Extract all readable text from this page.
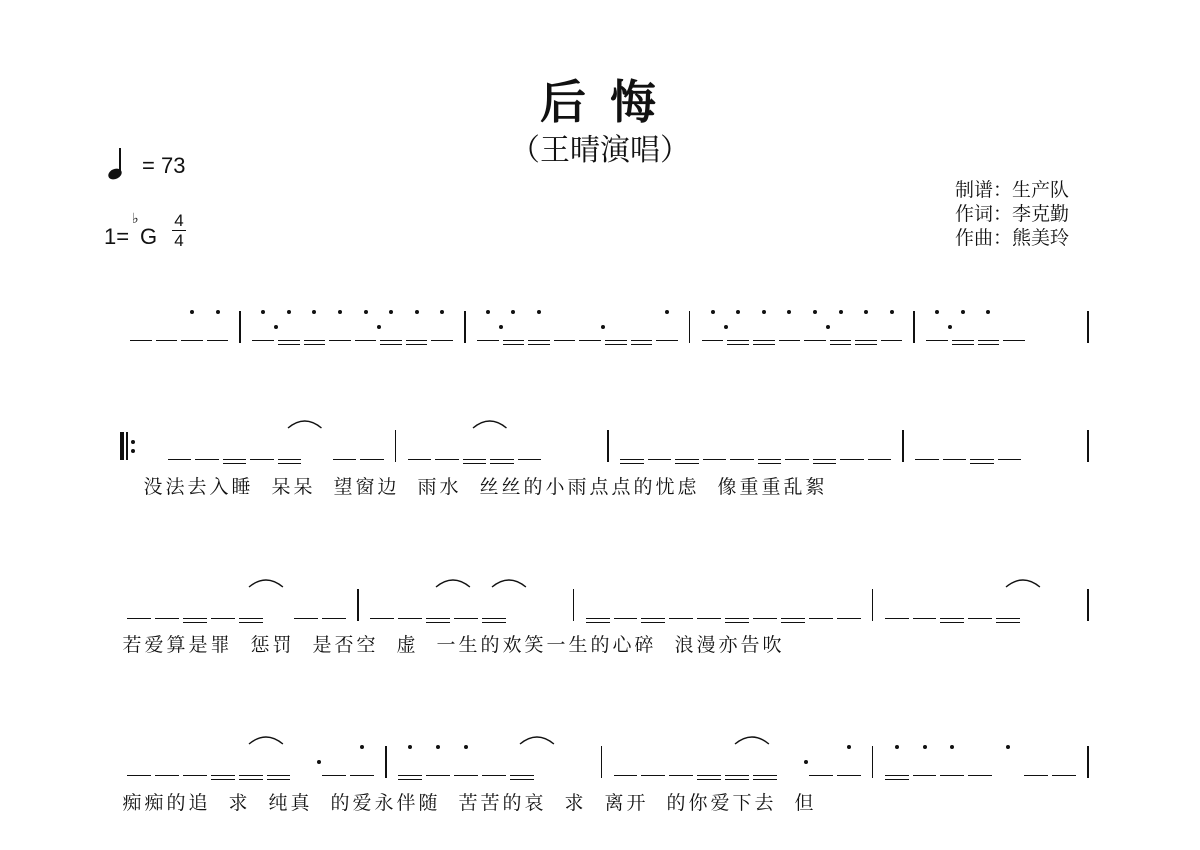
后 悔
（王晴演唱）
= 73
1=
♭
G
4
4
制谱：生产队
作词：李克勤
作曲：熊美玲
没 法 去 入 睡 呆 呆 望 窗 边 雨 水 丝 丝 的 小 雨 点 点 的 忧 虑 像 重 重 乱 絮
若 爱 算 是 罪 惩 罚 是 否 空 虚 一 生 的 欢 笑 一 生 的 心 碎 浪 漫 亦 告 吹
痴 痴 的 追 求 纯 真 的 爱 永 伴 随 苦 苦 的 哀 求 离 开 的 你 爱 下 去 但
